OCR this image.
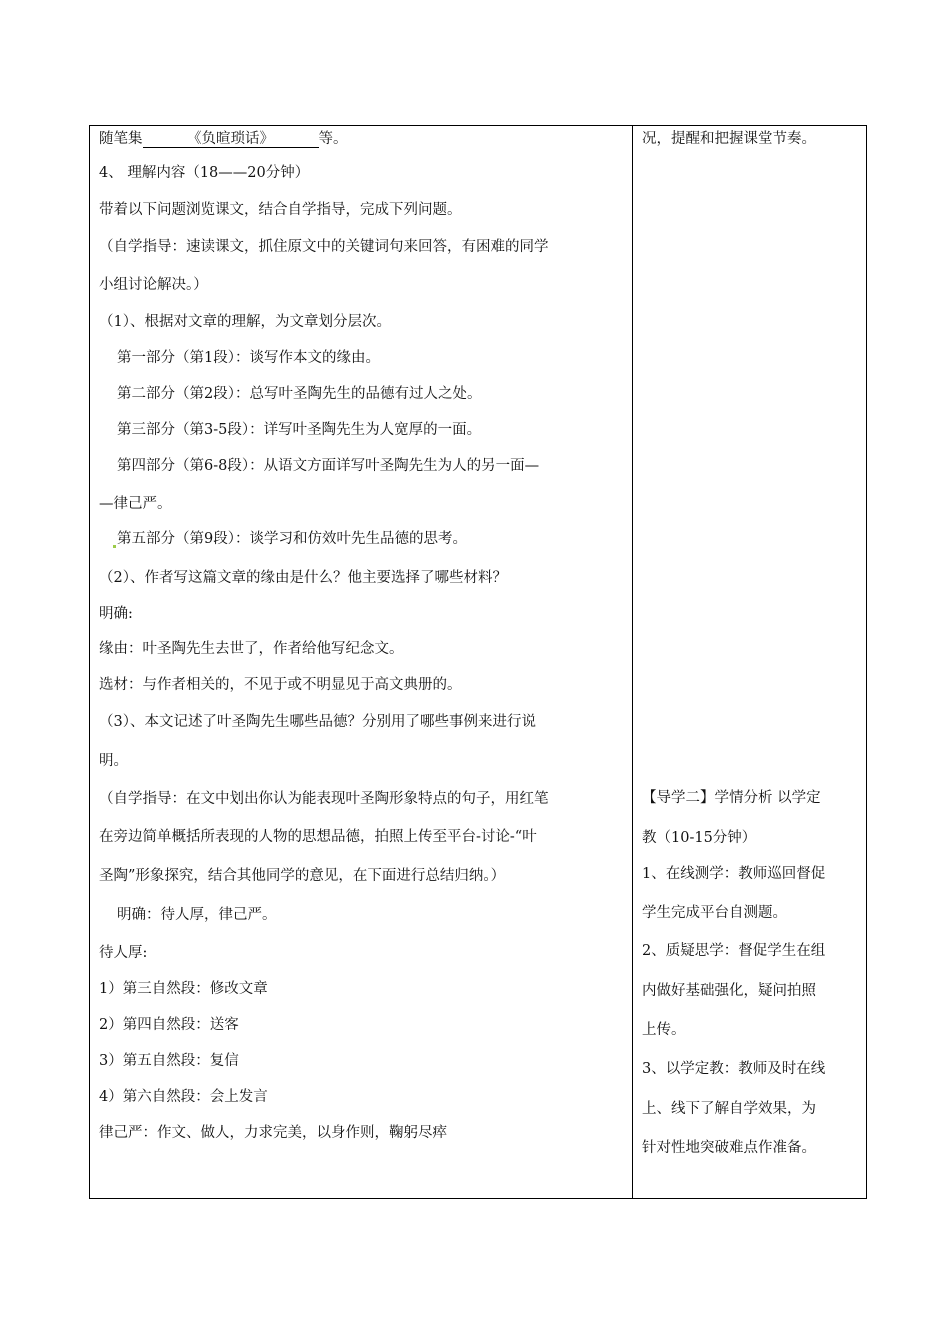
随笔集	《负暄琐话》	等。
4、 理解内容（18——20分钟）
带着以下问题浏览课文，结合自学指导，完成下列问题。
（自学指导：速读课文，抓住原文中的关键词句来回答，有困难的同学
小组讨论解决。）
（1）、根据对文章的理解，为文章划分层次。
第一部分（第1段）：谈写作本文的缘由。
第二部分（第2段）：总写叶圣陶先生的品德有过人之处。
第三部分（第3-5段）：详写叶圣陶先生为人宽厚的一面。
第四部分（第6-8段）：从语文方面详写叶圣陶先生为人的另一面—
—律己严。
第五部分（第9段）：谈学习和仿效叶先生品德的思考。
（2）、作者写这篇文章的缘由是什么？他主要选择了哪些材料？
明确:
缘由：叶圣陶先生去世了，作者给他写纪念文。
选材：与作者相关的，不见于或不明显见于高文典册的。
（3）、本文记述了叶圣陶先生哪些品德？分别用了哪些事例来进行说
明。
（自学指导：在文中划出你认为能表现叶圣陶形象特点的句子，用红笔
在旁边简单概括所表现的人物的思想品德，拍照上传至平台-讨论-“叶
圣陶”形象探究，结合其他同学的意见，在下面进行总结归纳。）
明确：待人厚，律己严。
待人厚:
1）第三自然段：修改文章
2）第四自然段：送客
3）第五自然段：复信
4）第六自然段：会上发言
律己严：作文、做人，力求完美，以身作则，鞠躬尽瘁
况，提醒和把握课堂节奏。
【导学二】学情分析 以学定
教（10-15分钟）
1、在线测学：教师巡回督促
学生完成平台自测题。
2、质疑思学：督促学生在组
内做好基础强化，疑问拍照
上传。
3、以学定教：教师及时在线
上、线下了解自学效果，为
针对性地突破难点作准备。
